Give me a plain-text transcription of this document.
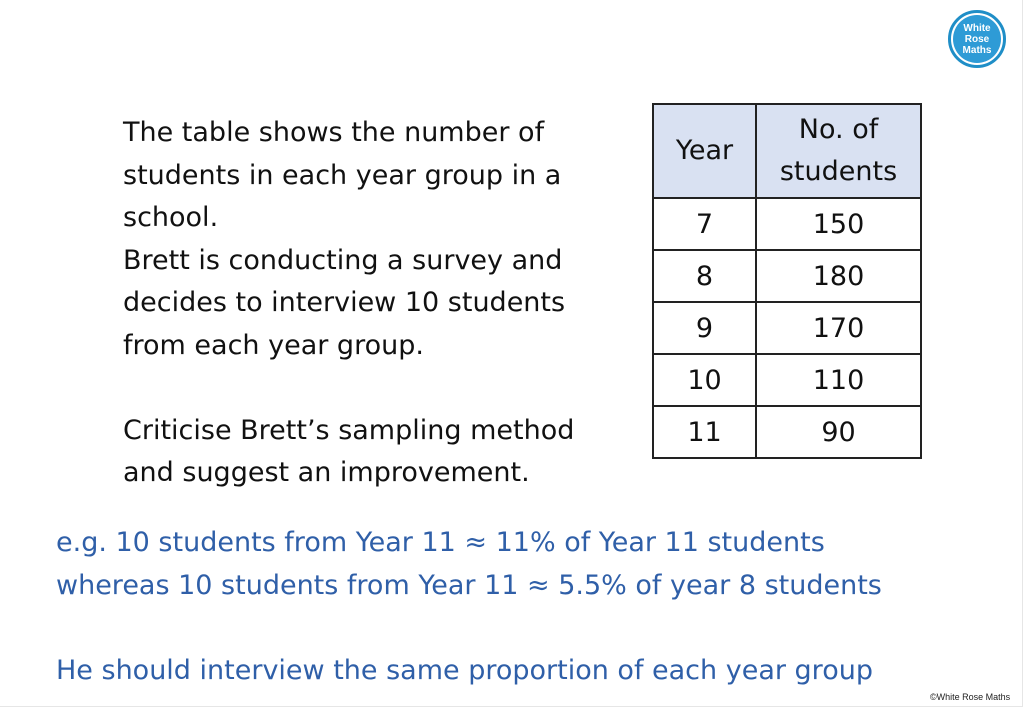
White
Rose
Maths

The table shows the number of

students in each year group in a

school.

Brett is conducting a survey and

decides to interview 10 students

from each year group.

Criticise Brett’s sampling method

and suggest an improvement.

Year	No. of students
7	150
8	180
9	170
10	110
11	90

e.g. 10 students from Year 11 ≈ 11% of Year 11 students

whereas 10 students from Year 11 ≈ 5.5% of year 8 students

He should interview the same proportion of each year group

©White Rose Maths
